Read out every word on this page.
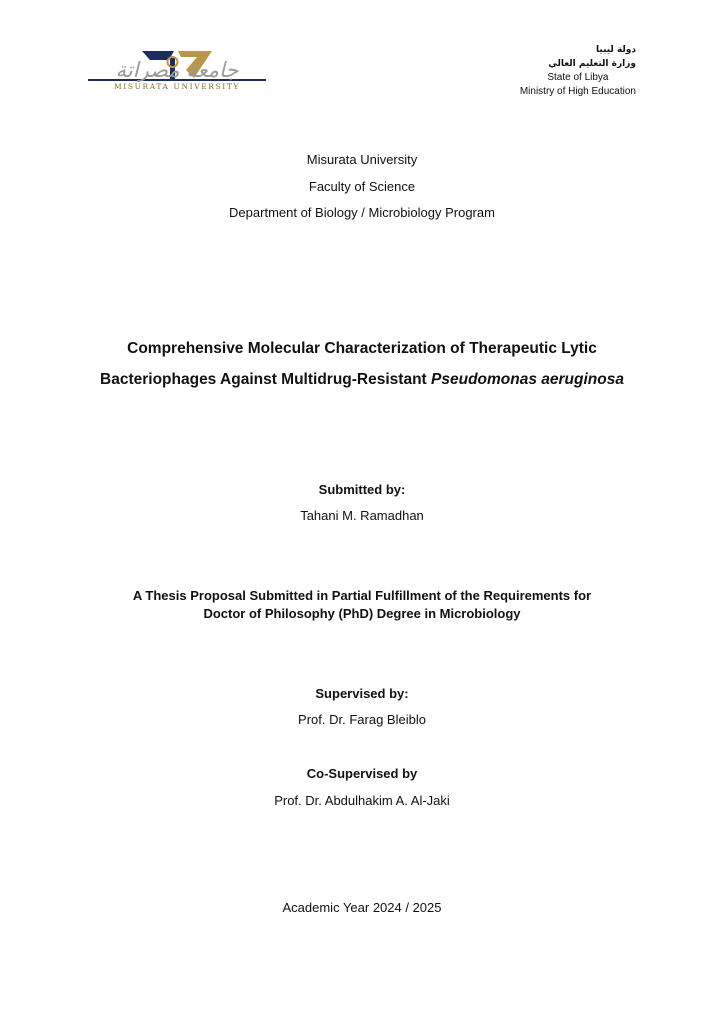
جامعة مصراتة
MISURATA UNIVERSITY
دولة ليبيا
وزارة التعليم العالي
State of Libya
Ministry of High Education
Misurata University
Faculty of Science
Department of Biology / Microbiology Program
Comprehensive Molecular Characterization of Therapeutic Lytic
Bacteriophages Against Multidrug-Resistant Pseudomonas aeruginosa
Submitted by:
Tahani M. Ramadhan
A Thesis Proposal Submitted in Partial Fulfillment of the Requirements for
Doctor of Philosophy (PhD) Degree in Microbiology
Supervised by:
Prof. Dr. Farag Bleiblo
Co-Supervised by
Prof. Dr. Abdulhakim A. Al-Jaki
Academic Year 2024 / 2025
